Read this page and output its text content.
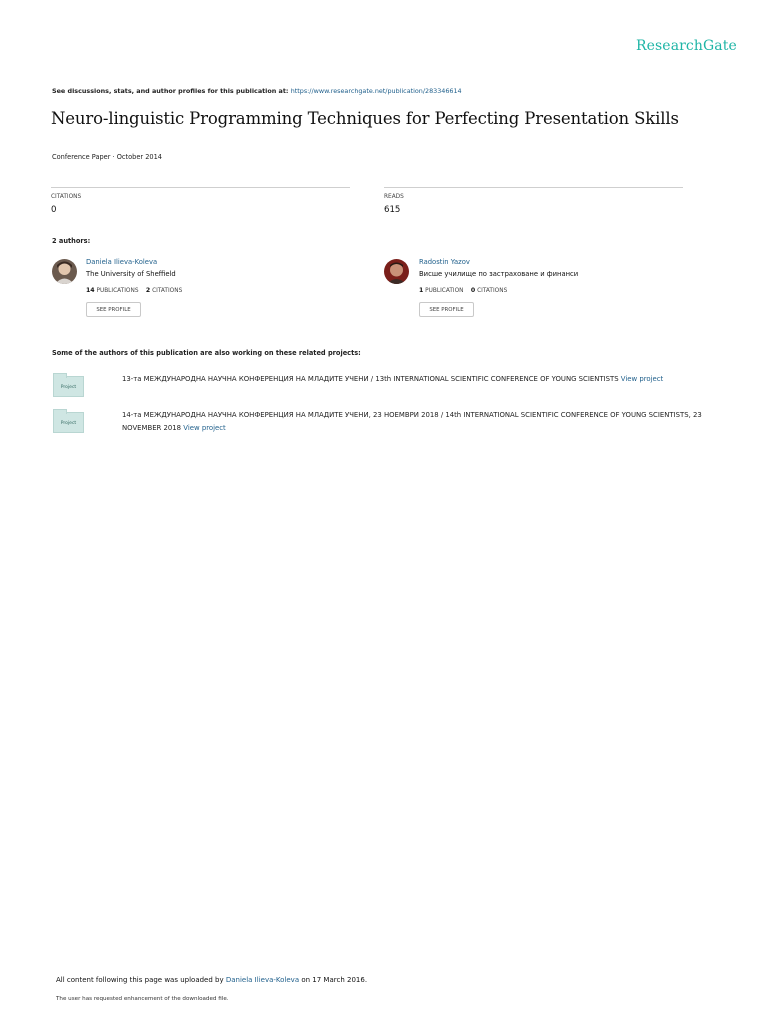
ResearchGate
See discussions, stats, and author profiles for this publication at: https://www.researchgate.net/publication/283346614
Neuro-linguistic Programming Techniques for Perfecting Presentation Skills
Conference Paper · October 2014
CITATIONS
0
READS
615
2 authors:
Daniela Ilieva-Koleva
The University of Sheffield
14 PUBLICATIONS 2 CITATIONS
SEE PROFILE
Radostin Yazov
Висше училище по застраховане и финанси
1 PUBLICATION 0 CITATIONS
SEE PROFILE
Some of the authors of this publication are also working on these related projects:
Project
13-та МЕЖДУНАРОДНА НАУЧНА КОНФЕРЕНЦИЯ НА МЛАДИТЕ УЧЕНИ / 13th INTERNATIONAL SCIENTIFIC CONFERENCE OF YOUNG SCIENTISTS View project
Project
14-та МЕЖДУНАРОДНА НАУЧНА КОНФЕРЕНЦИЯ НА МЛАДИТЕ УЧЕНИ, 23 НОЕМВРИ 2018 / 14th INTERNATIONAL SCIENTIFIC CONFERENCE OF YOUNG SCIENTISTS, 23 NOVEMBER 2018 View project
All content following this page was uploaded by Daniela Ilieva-Koleva on 17 March 2016.
The user has requested enhancement of the downloaded file.
